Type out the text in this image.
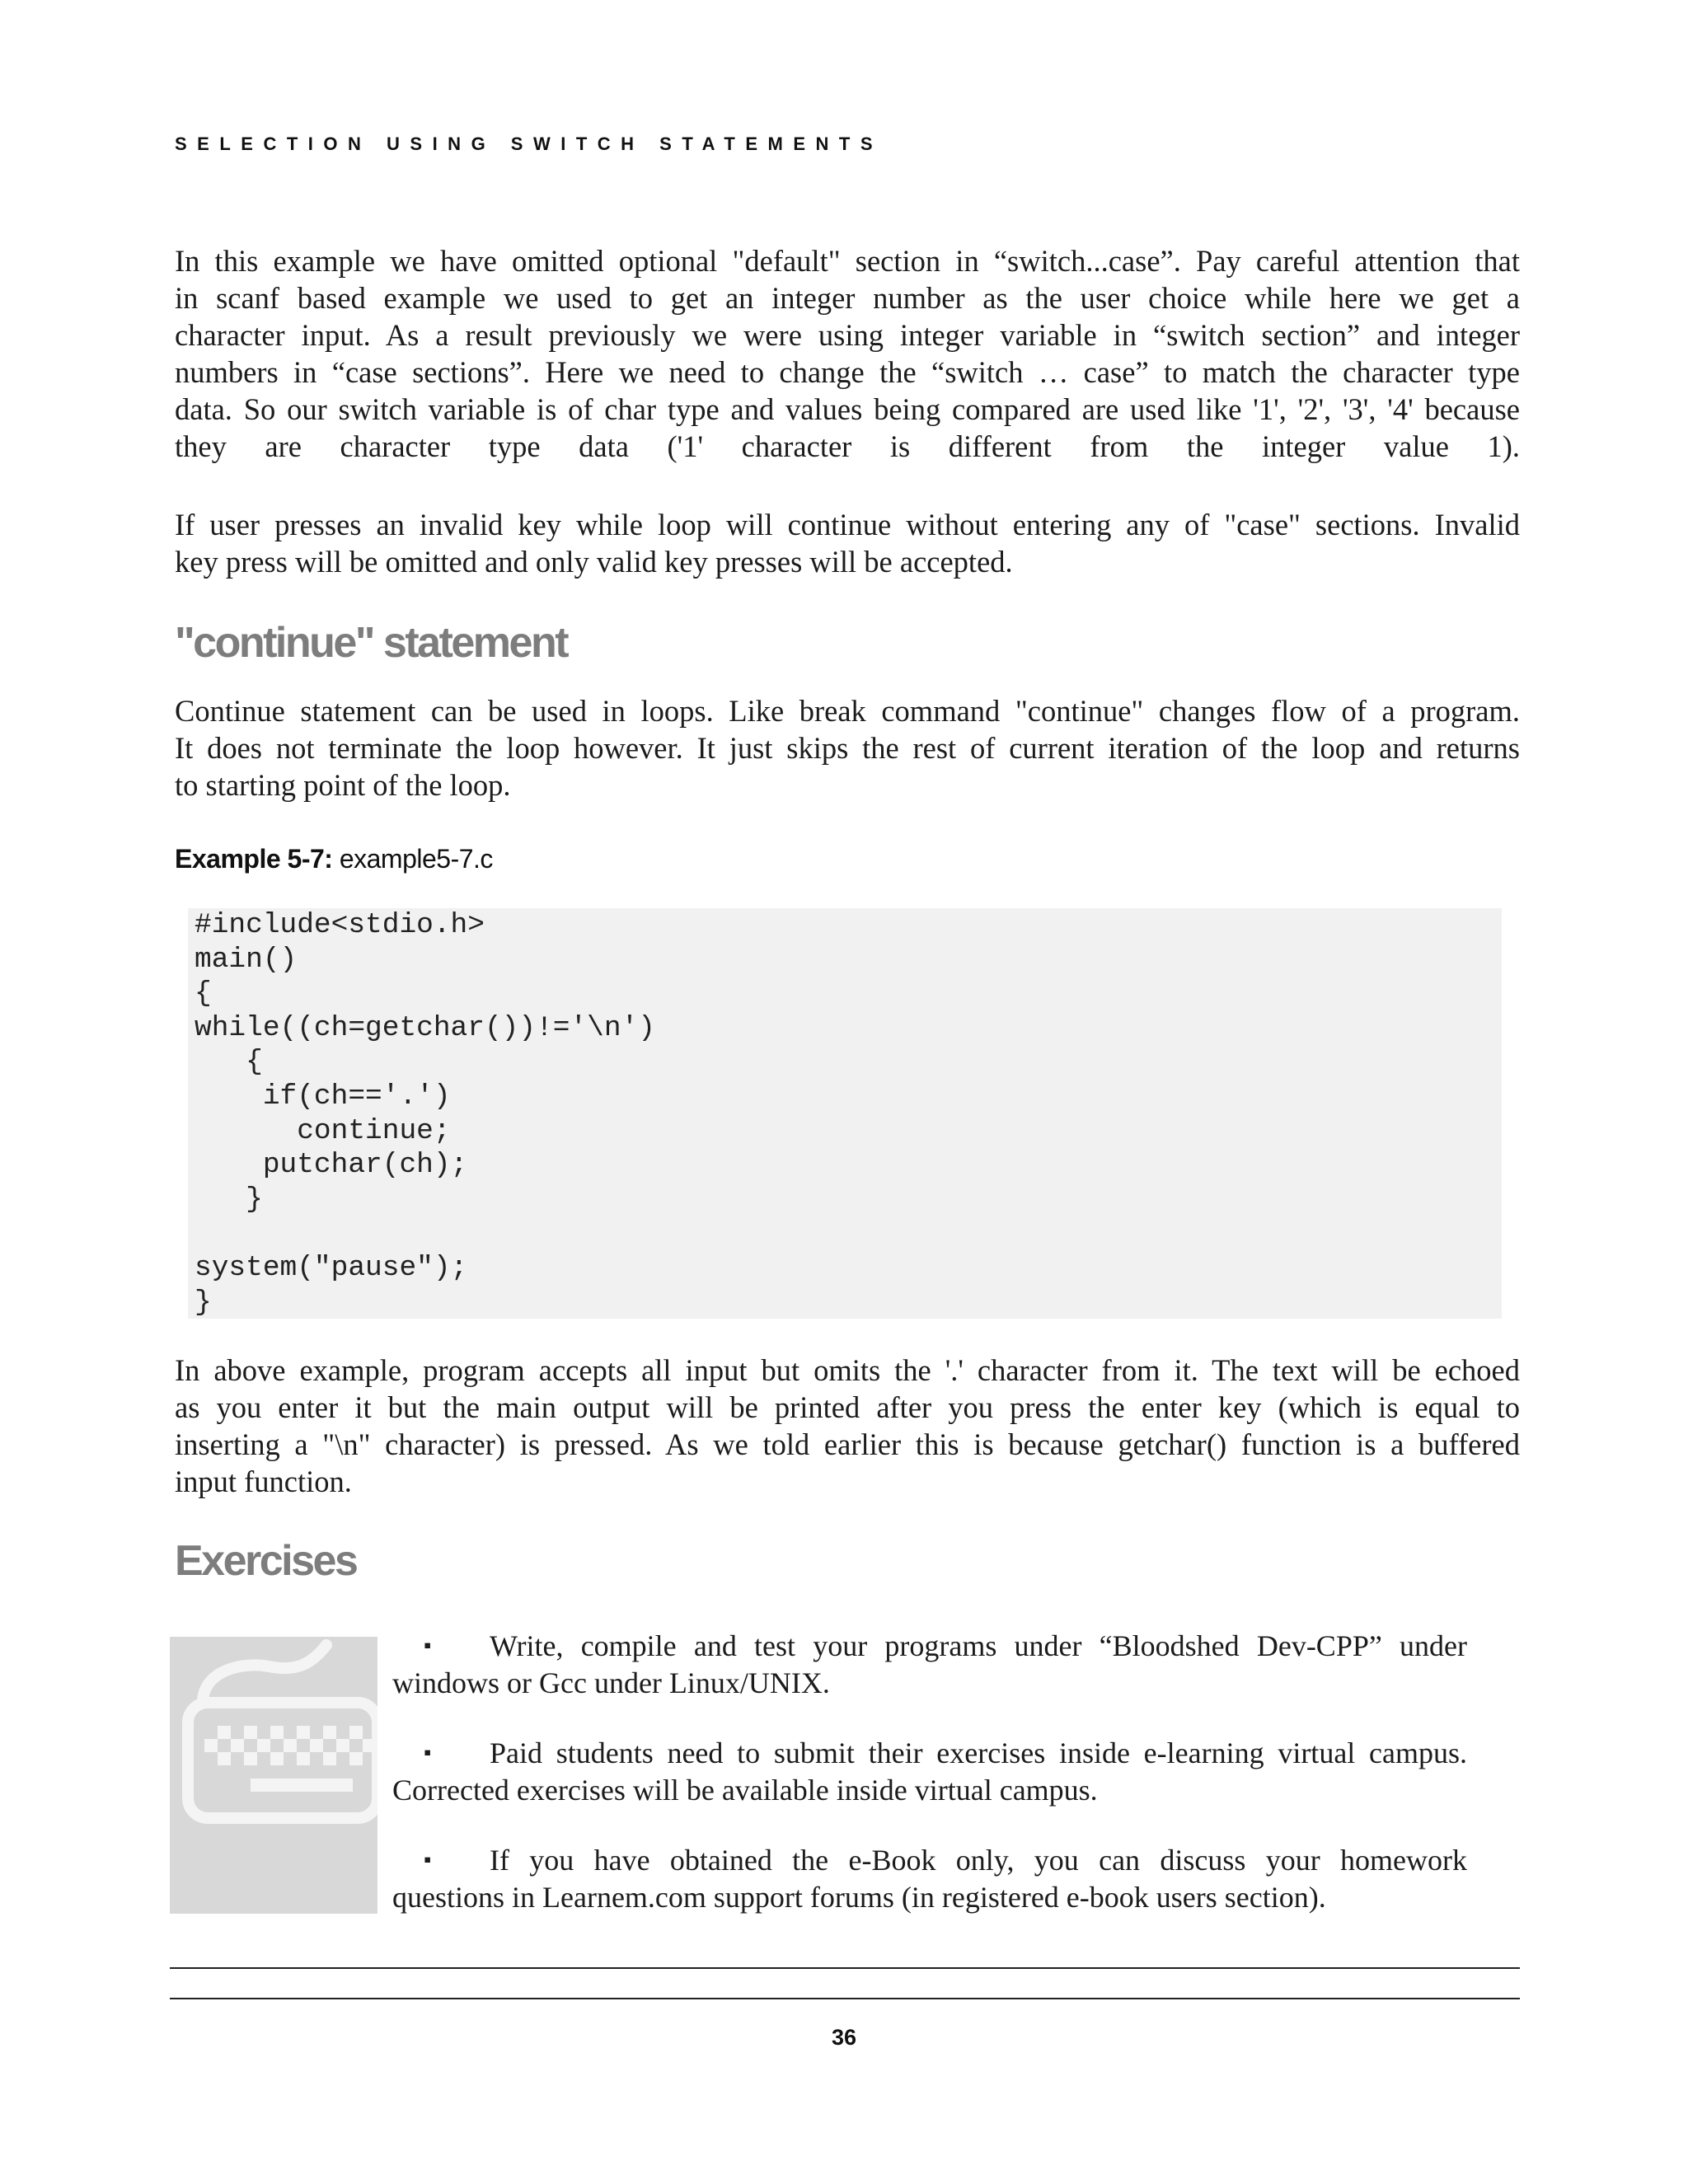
SELECTION USING SWITCH STATEMENTS
In this example we have omitted optional "default" section in “switch...case”. Pay careful attention that
in scanf based example we used to get an integer number as the user choice while here we get a
character input. As a result previously we were using integer variable in “switch section” and integer
numbers in “case sections”. Here we need to change the “switch … case” to match the character type
data. So our switch variable is of char type and values being compared are used like '1', '2', '3', '4' because
they are character type data ('1' character is different from the integer value 1).
If user presses an invalid key while loop will continue without entering any of "case" sections. Invalid
key press will be omitted and only valid key presses will be accepted.
"continue" statement
Continue statement can be used in loops. Like break command "continue" changes flow of a program.
It does not terminate the loop however. It just skips the rest of current iteration of the loop and returns
to starting point of the loop.
Example 5-7: example5-7.c
#include<stdio.h>
main()
{
while((ch=getchar())!='\n')
{
if(ch=='.')
continue;
putchar(ch);
}

system("pause");
}
In above example, program accepts all input but omits the '.' character from it. The text will be echoed
as you enter it but the main output will be printed after you press the enter key (which is equal to
inserting a "\n" character) is pressed. As we told earlier this is because getchar() function is a buffered
input function.
Exercises
▪ Write, compile and test your programs under “Bloodshed Dev-CPP” under
windows or Gcc under Linux/UNIX.
▪ Paid students need to submit their exercises inside e-learning virtual campus.
Corrected exercises will be available inside virtual campus.
▪ If you have obtained the e-Book only, you can discuss your homework
questions in Learnem.com support forums (in registered e-book users section).
36
